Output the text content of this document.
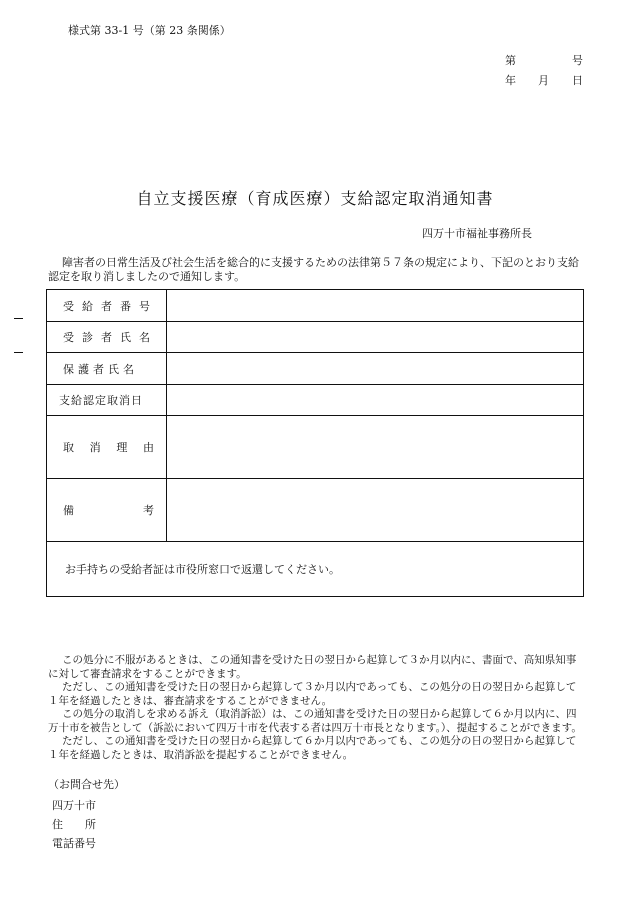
様式第 33-1 号（第 23 条関係）
第	号
年 月 日
自立支援医療（育成医療）支給認定取消通知書
四万十市福祉事務所長
障害者の日常生活及び社会生活を総合的に支援するための法律第５７条の規定により、下記のとおり支給認定を取り消しましたので通知します。
受給者番号
受診者氏名
保護者氏名
支給認定取消日
取 消 理 由
備	考
お手持ちの受給者証は市役所窓口で返還してください。

この処分に不服があるときは、この通知書を受けた日の翌日から起算して３か月以内に、書面で、高知県知事に対して審査請求をすることができます。

ただし、この通知書を受けた日の翌日から起算して３か月以内であっても、この処分の日の翌日から起算して１年を経過したときは、審査請求をすることができません。

この処分の取消しを求める訴え（取消訴訟）は、この通知書を受けた日の翌日から起算して６か月以内に、四万十市を被告として（訴訟において四万十市を代表する者は四万十市長となります。）、提起することができます。

ただし、この通知書を受けた日の翌日から起算して６か月以内であっても、この処分の日の翌日から起算して１年を経過したときは、取消訴訟を提起することができません。

（お問合せ先）
四万十市
住 所
電話番号
